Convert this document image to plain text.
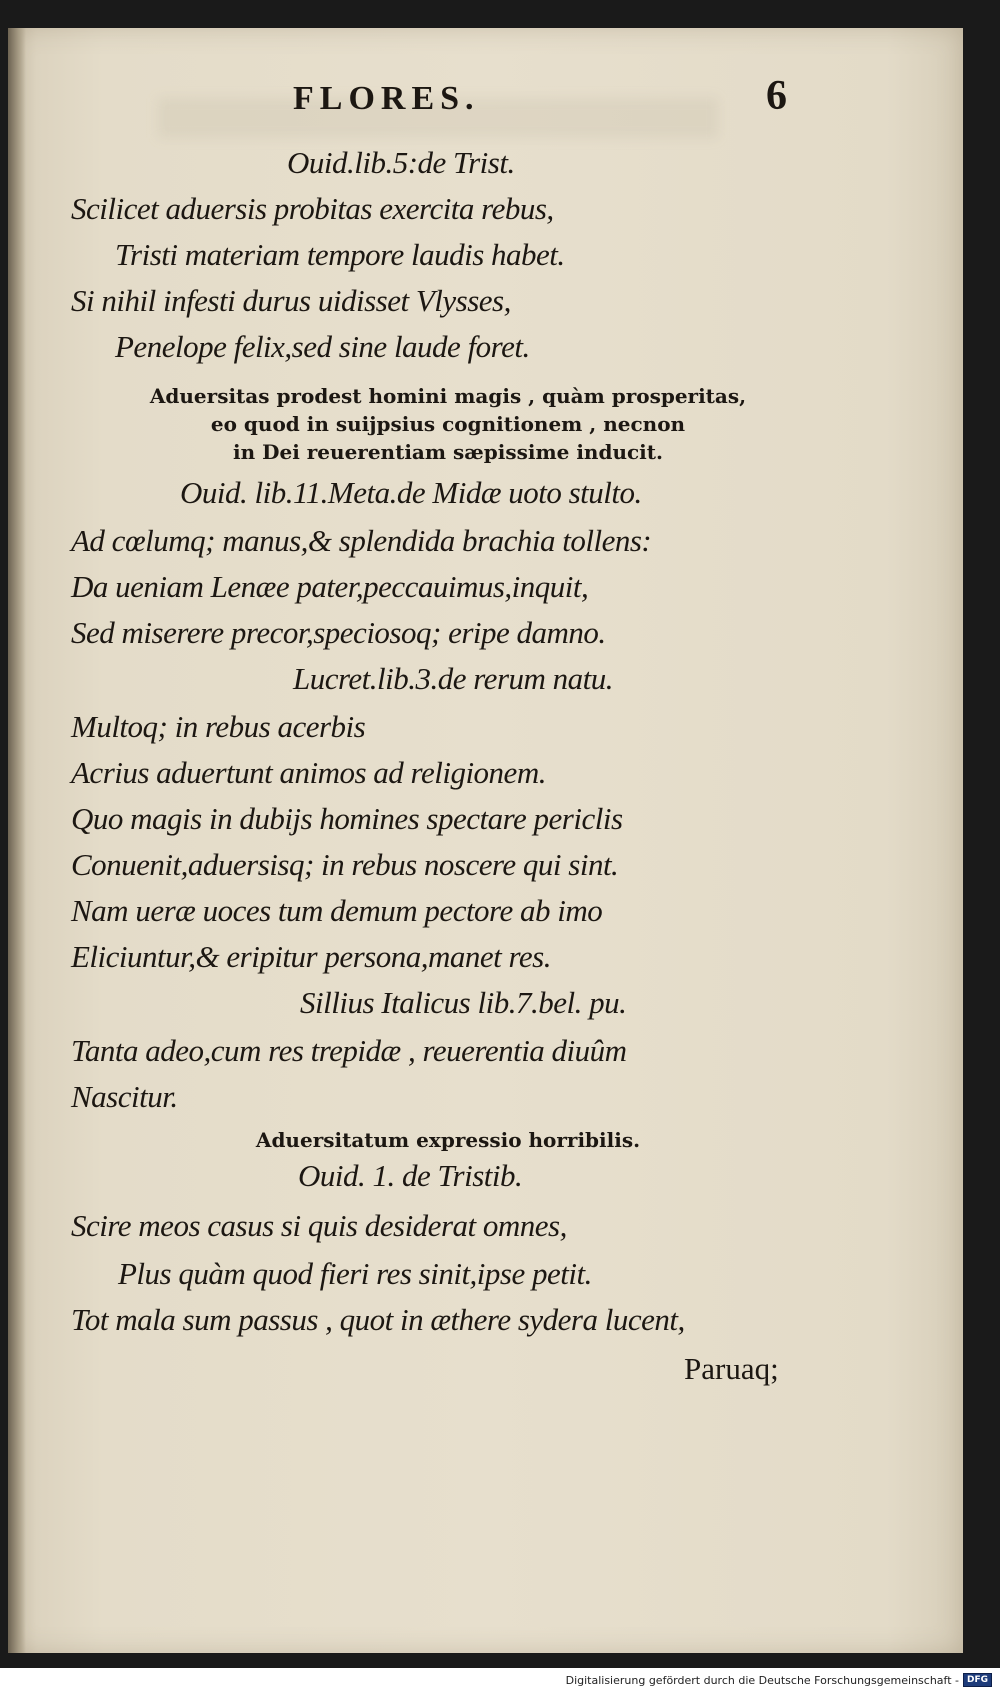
FLORES.	6
Ouid.lib.5:de Trist.
Scilicet aduersis probitas exercita rebus,
Tristi materiam tempore laudis habet.
Si nihil infesti durus uidisset Vlysses,
Penelope felix,sed sine laude foret.
Aduersitas prodest homini magis , quàm prosperitas,
eo quod in suijpsius cognitionem , necnon
in Dei reuerentiam sæpissime inducit.
Ouid. lib.11.Meta.de Midæ uoto stulto.
Ad cœlumq; manus,& splendida brachia tollens:
Da ueniam Lenæe pater,peccauimus,inquit,
Sed miserere precor,speciosoq; eripe damno.
Lucret.lib.3.de rerum natu.
Multoq; in rebus acerbis
Acrius aduertunt animos ad religionem.
Quo magis in dubijs homines spectare periclis
Conuenit,aduersisq; in rebus noscere qui sint.
Nam ueræ uoces tum demum pectore ab imo
Eliciuntur,& eripitur persona,manet res.
Sillius Italicus lib.7.bel. pu.
Tanta adeo,cum res trepidæ , reuerentia diuûm
Nascitur.
Aduersitatum expressio horribilis.
Ouid. 1. de Tristib.
Scire meos casus si quis desiderat omnes,
Plus quàm quod fieri res sinit,ipse petit.
Tot mala sum passus , quot in æthere sydera lucent,
Paruaq;
Digitalisierung gefördert durch die Deutsche Forschungsgemeinschaft - DFG
